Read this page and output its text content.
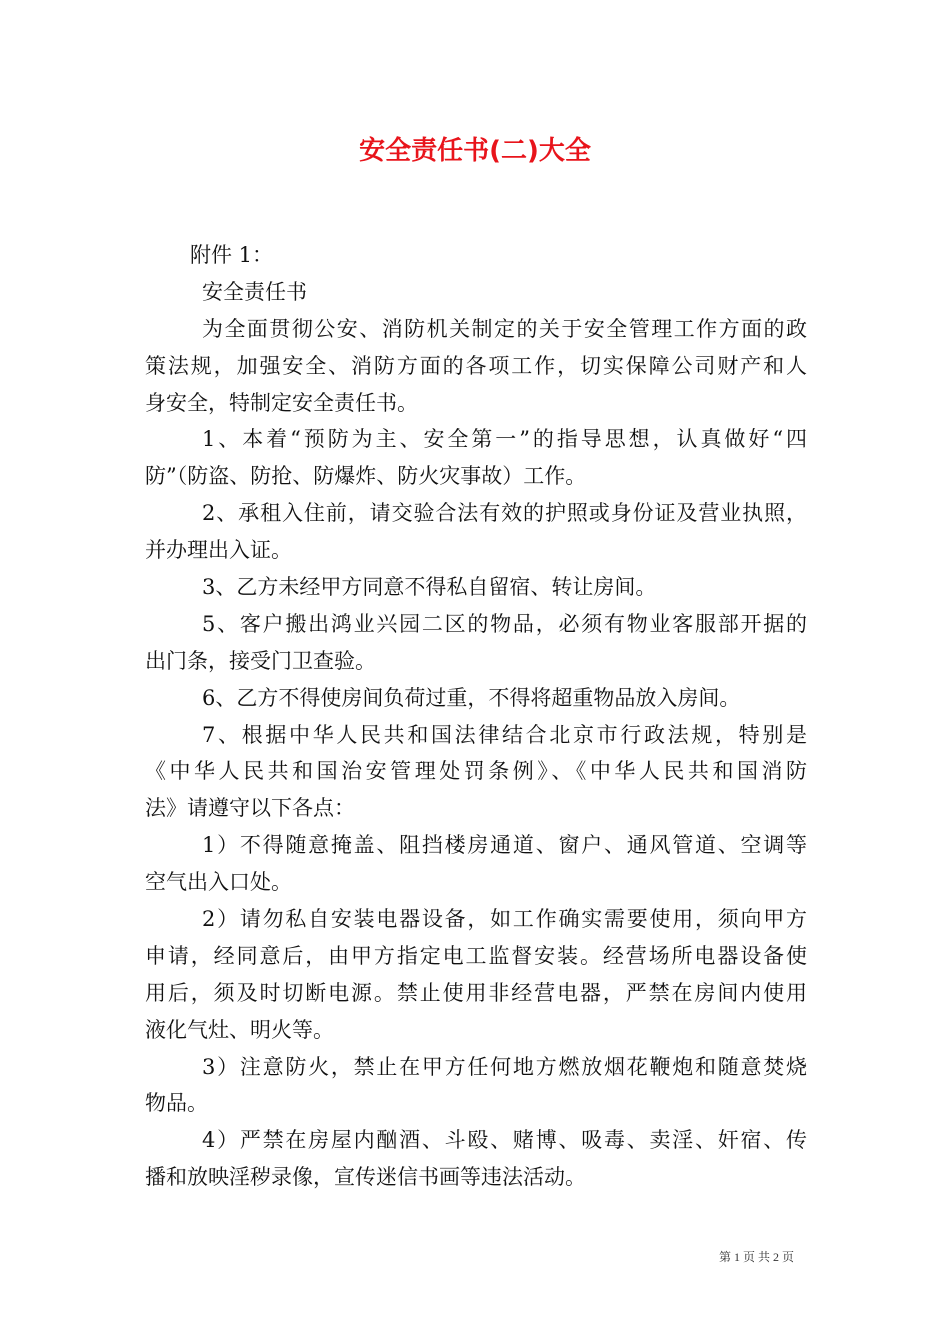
安全责任书(二)大全
附件 1：
安全责任书
为全面贯彻公安、消防机关制定的关于安全管理工作方面的政
策法规，加强安全、消防方面的各项工作，切实保障公司财产和人
身安全，特制定安全责任书。
1、本着“预防为主、安全第一”的指导思想，认真做好“四
防”（防盗、防抢、防爆炸、防火灾事故）工作。
2、承租入住前，请交验合法有效的护照或身份证及营业执照，
并办理出入证。
3、乙方未经甲方同意不得私自留宿、转让房间。
5、客户搬出鸿业兴园二区的物品，必须有物业客服部开据的
出门条，接受门卫查验。
6、乙方不得使房间负荷过重，不得将超重物品放入房间。
7、根据中华人民共和国法律结合北京市行政法规，特别是
《中华人民共和国治安管理处罚条例》、《中华人民共和国消防
法》请遵守以下各点：
1）不得随意掩盖、阻挡楼房通道、窗户、通风管道、空调等
空气出入口处。
2）请勿私自安装电器设备，如工作确实需要使用，须向甲方
申请，经同意后，由甲方指定电工监督安装。经营场所电器设备使
用后，须及时切断电源。禁止使用非经营电器，严禁在房间内使用
液化气灶、明火等。
3）注意防火，禁止在甲方任何地方燃放烟花鞭炮和随意焚烧
物品。
4）严禁在房屋内酗酒、斗殴、赌博、吸毒、卖淫、奸宿、传
播和放映淫秽录像，宣传迷信书画等违法活动。
第 1 页 共 2 页
